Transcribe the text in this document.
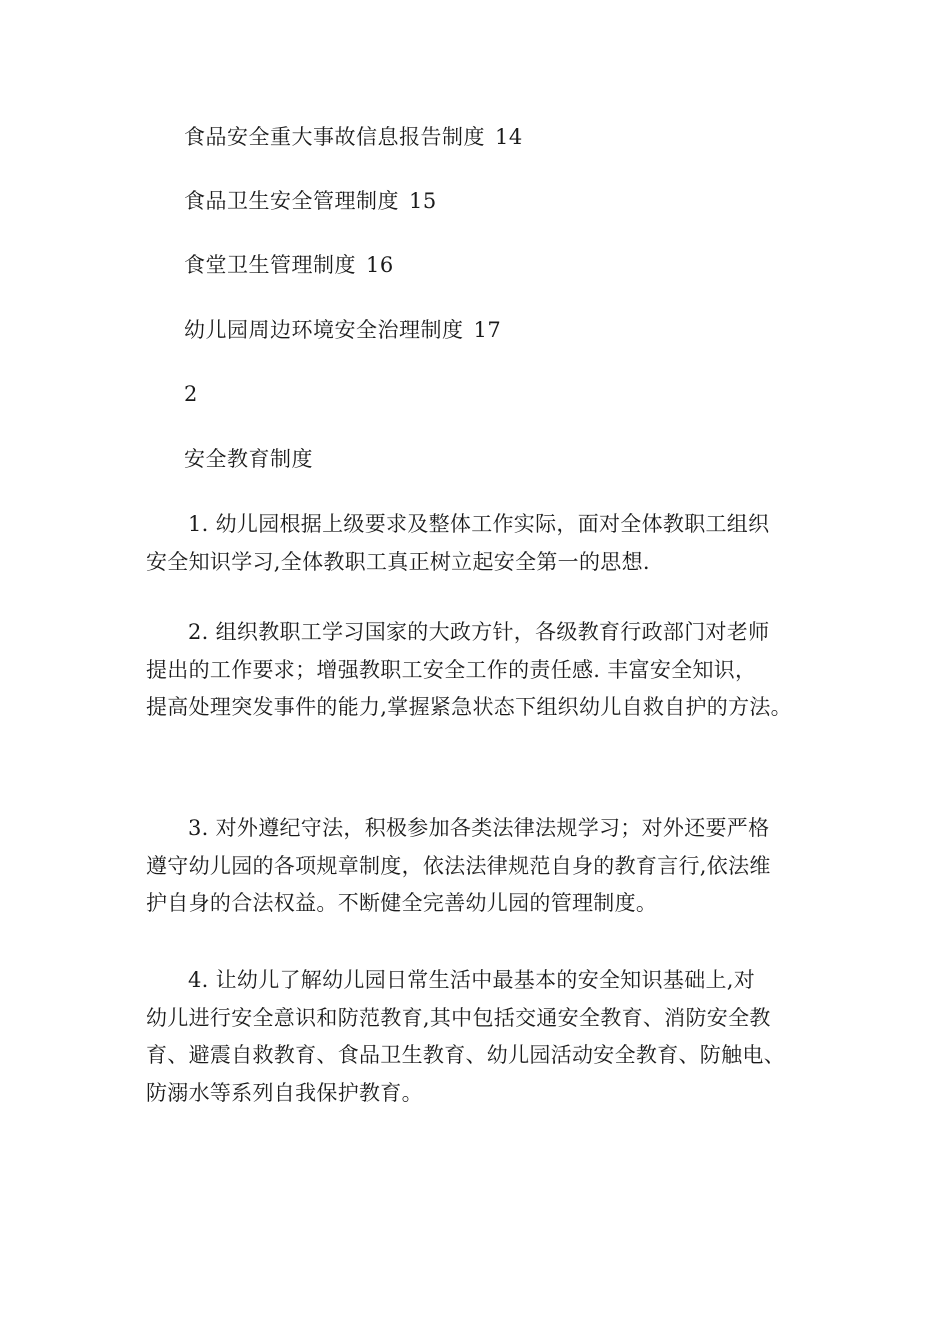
食品安全重大事故信息报告制度 14
食品卫生安全管理制度 15
食堂卫生管理制度 16
幼儿园周边环境安全治理制度 17
2
安全教育制度
1. 幼儿园根据上级要求及整体工作实际，面对全体教职工组织
安全知识学习,全体教职工真正树立起安全第一的思想.
2. 组织教职工学习国家的大政方针，各级教育行政部门对老师
提出的工作要求；增强教职工安全工作的责任感. 丰富安全知识，
提高处理突发事件的能力,掌握紧急状态下组织幼儿自救自护的方法。
3. 对外遵纪守法，积极参加各类法律法规学习；对外还要严格
遵守幼儿园的各项规章制度，依法法律规范自身的教育言行,依法维
护自身的合法权益。不断健全完善幼儿园的管理制度。
4. 让幼儿了解幼儿园日常生活中最基本的安全知识基础上,对
幼儿进行安全意识和防范教育,其中包括交通安全教育、消防安全教
育、避震自救教育、食品卫生教育、幼儿园活动安全教育、防触电、
防溺水等系列自我保护教育。
